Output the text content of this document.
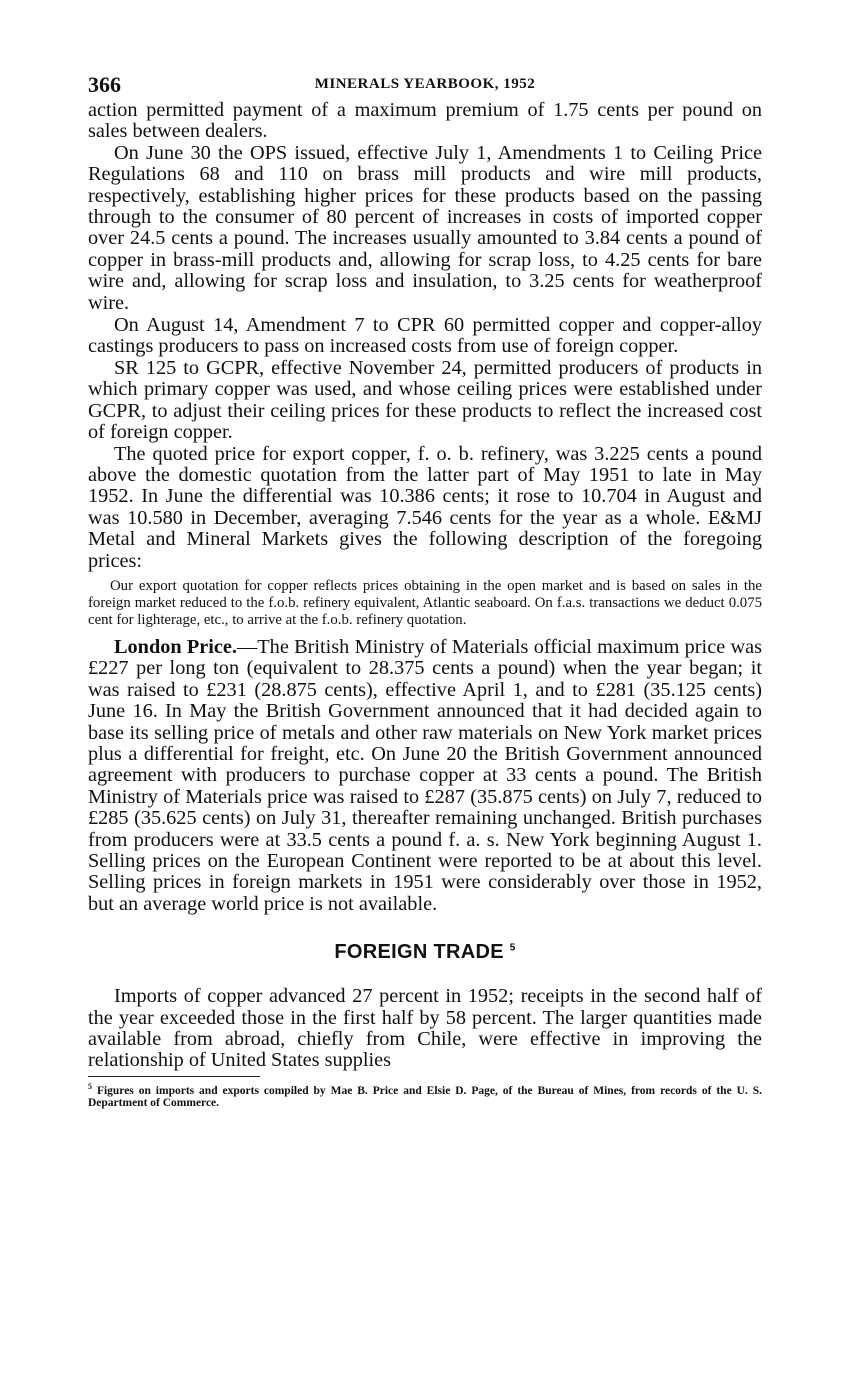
366	MINERALS YEARBOOK, 1952

action permitted payment of a maximum premium of 1.75 cents per pound on sales between dealers.

On June 30 the OPS issued, effective July 1, Amendments 1 to Ceiling Price Regulations 68 and 110 on brass mill products and wire mill products, respectively, establishing higher prices for these products based on the passing through to the consumer of 80 percent of increases in costs of imported copper over 24.5 cents a pound. The increases usually amounted to 3.84 cents a pound of copper in brass-mill products and, allowing for scrap loss, to 4.25 cents for bare wire and, allowing for scrap loss and insulation, to 3.25 cents for weatherproof wire.

On August 14, Amendment 7 to CPR 60 permitted copper and copper-alloy castings producers to pass on increased costs from use of foreign copper.

SR 125 to GCPR, effective November 24, permitted producers of products in which primary copper was used, and whose ceiling prices were established under GCPR, to adjust their ceiling prices for these products to reflect the increased cost of foreign copper.

The quoted price for export copper, f. o. b. refinery, was 3.225 cents a pound above the domestic quotation from the latter part of May 1951 to late in May 1952. In June the differential was 10.386 cents; it rose to 10.704 in August and was 10.580 in December, averaging 7.546 cents for the year as a whole. E&MJ Metal and Mineral Markets gives the following description of the foregoing prices:

Our export quotation for copper reflects prices obtaining in the open market and is based on sales in the foreign market reduced to the f.o.b. refinery equivalent, Atlantic seaboard. On f.a.s. transactions we deduct 0.075 cent for lighterage, etc., to arrive at the f.o.b. refinery quotation.

London Price.—The British Ministry of Materials official maximum price was £227 per long ton (equivalent to 28.375 cents a pound) when the year began; it was raised to £231 (28.875 cents), effective April 1, and to £281 (35.125 cents) June 16. In May the British Government announced that it had decided again to base its selling price of metals and other raw materials on New York market prices plus a differential for freight, etc. On June 20 the British Government announced agreement with producers to purchase copper at 33 cents a pound. The British Ministry of Materials price was raised to £287 (35.875 cents) on July 7, reduced to £285 (35.625 cents) on July 31, thereafter remaining unchanged. British purchases from producers were at 33.5 cents a pound f. a. s. New York beginning August 1. Selling prices on the European Continent were reported to be at about this level. Selling prices in foreign markets in 1951 were considerably over those in 1952, but an average world price is not available.

FOREIGN TRADE $^5$

Imports of copper advanced 27 percent in 1952; receipts in the second half of the year exceeded those in the first half by 58 percent. The larger quantities made available from abroad, chiefly from Chile, were effective in improving the relationship of United States supplies

$^5$ Figures on imports and exports compiled by Mae B. Price and Elsie D. Page, of the Bureau of Mines, from records of the U. S. Department of Commerce.
